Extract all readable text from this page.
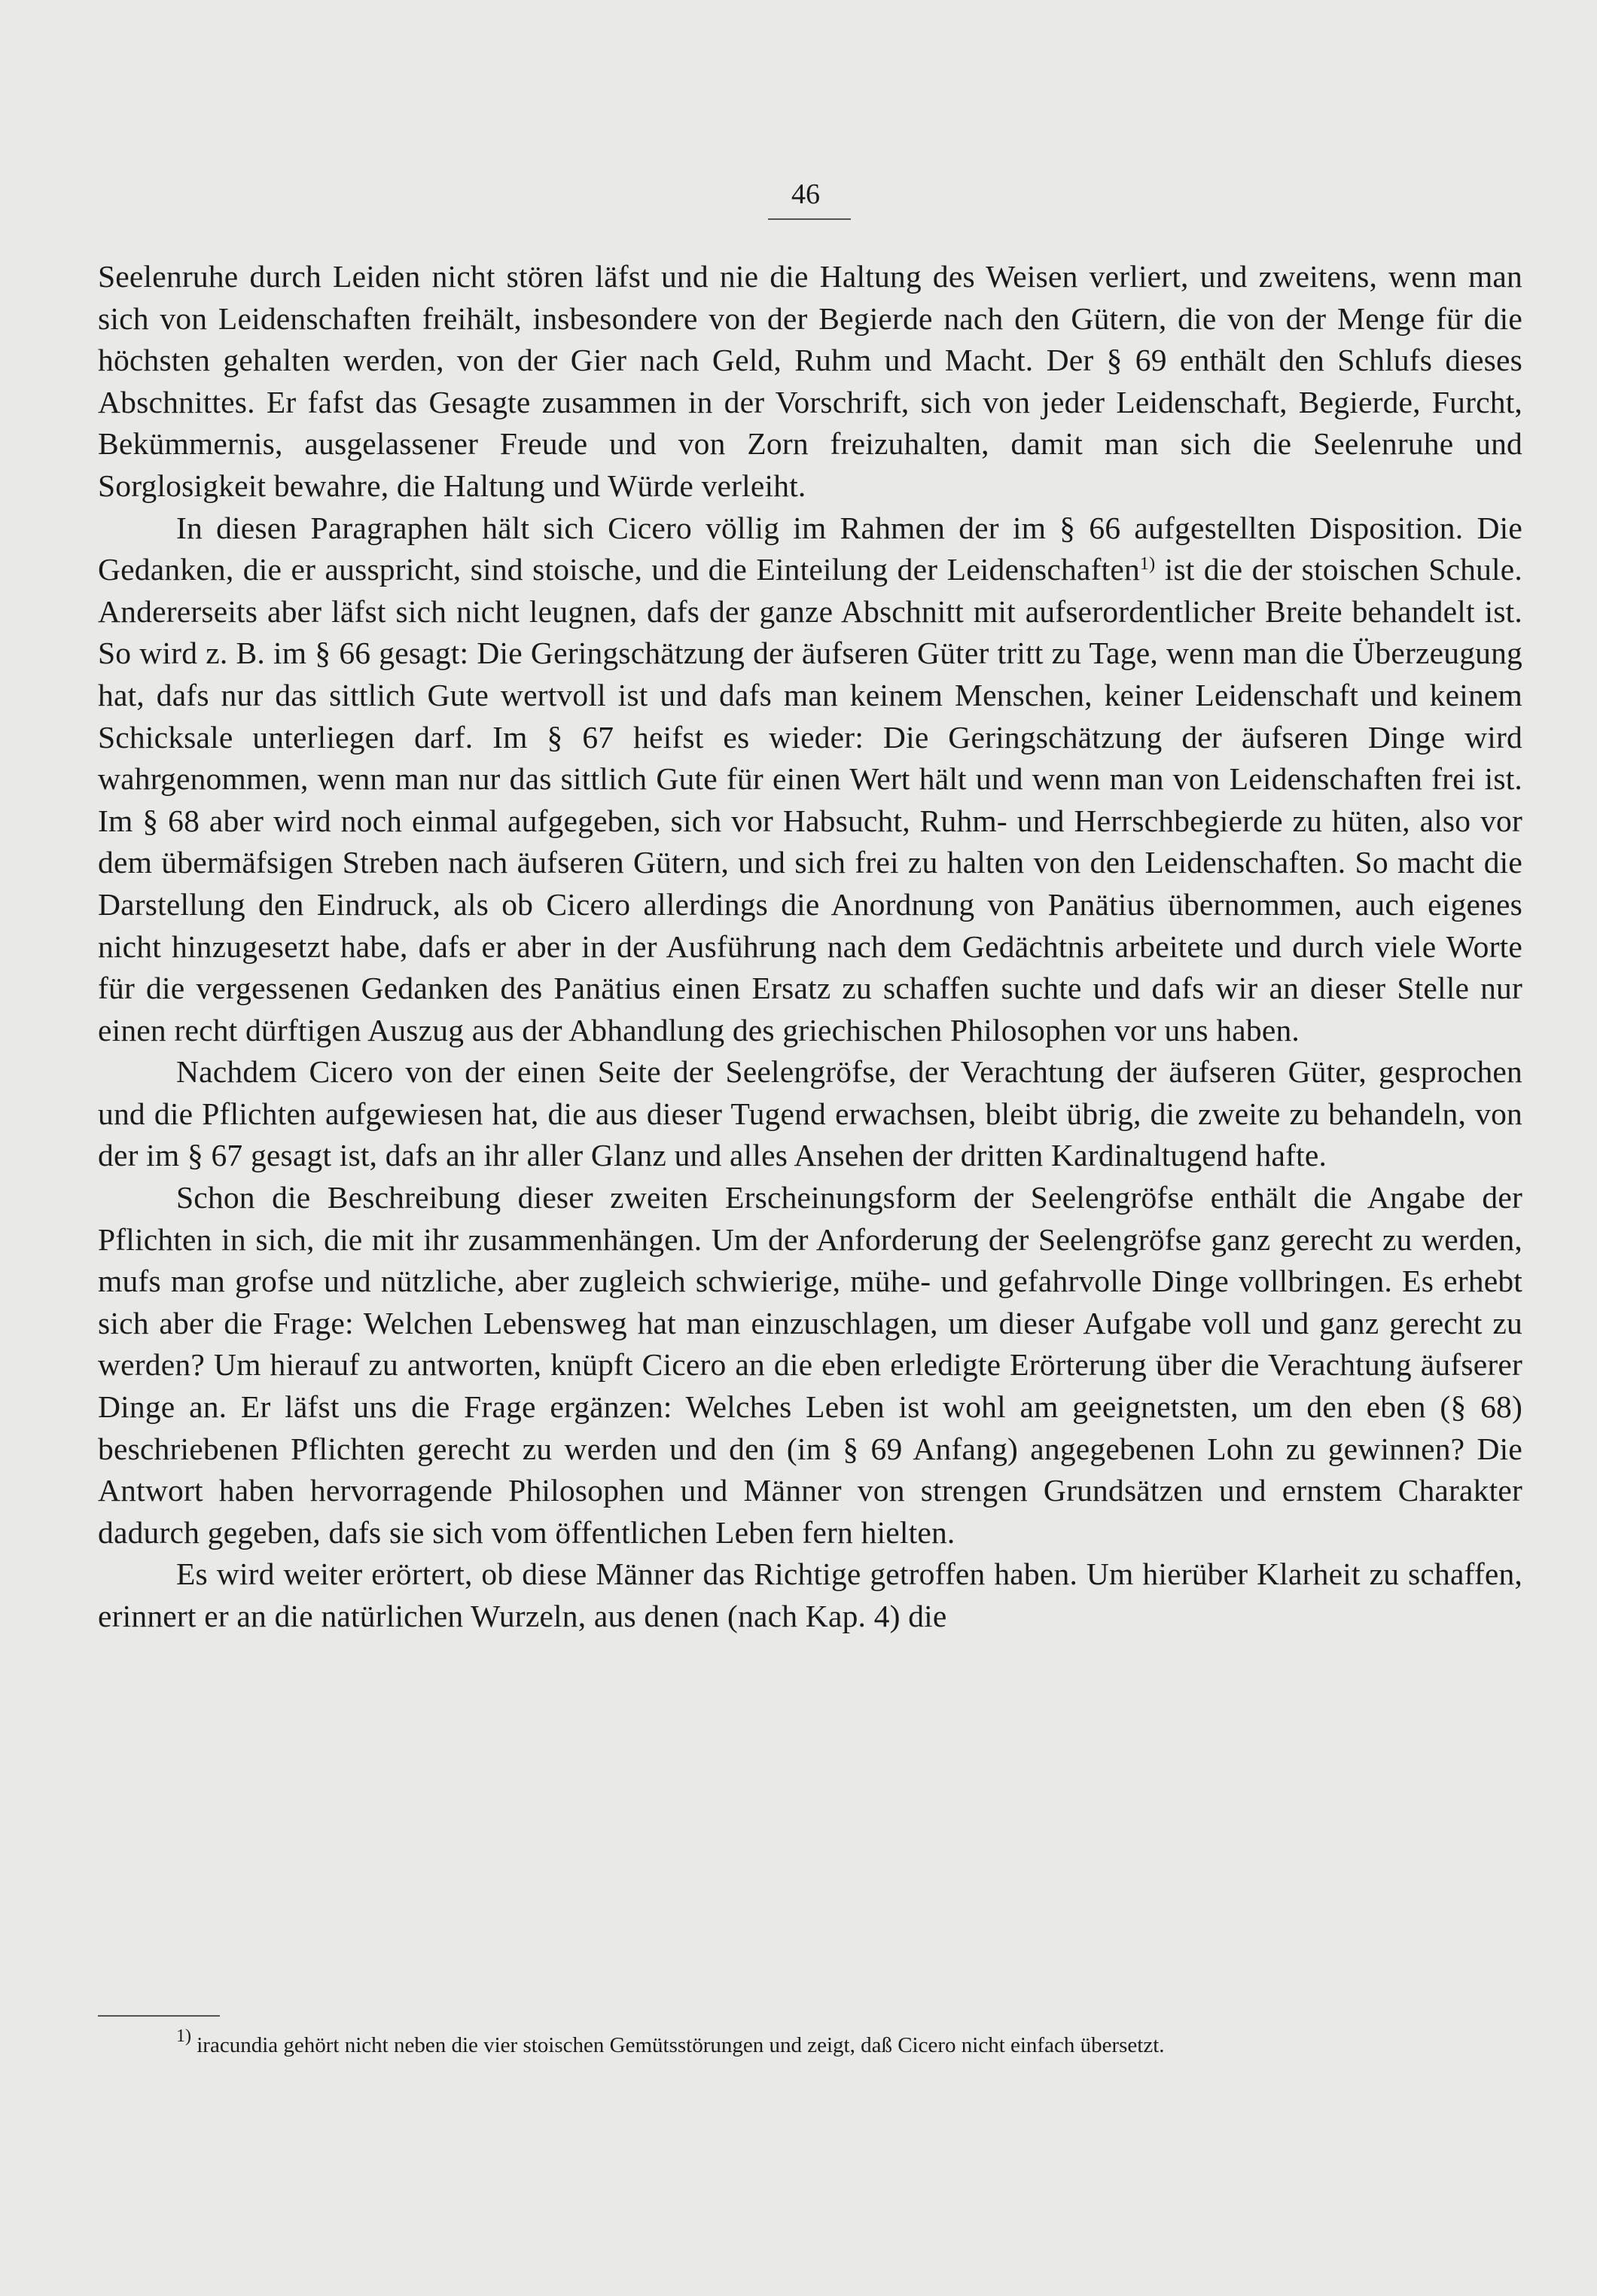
46

Seelenruhe durch Leiden nicht stören läfst und nie die Haltung des Weisen verliert, und zweitens, wenn man sich von Leidenschaften freihält, insbesondere von der Begierde nach den Gütern, die von der Menge für die höchsten gehalten werden, von der Gier nach Geld, Ruhm und Macht. Der § 69 enthält den Schlufs dieses Abschnittes. Er fafst das Gesagte zusammen in der Vorschrift, sich von jeder Leidenschaft, Begierde, Furcht, Bekümmernis, ausgelassener Freude und von Zorn freizuhalten, damit man sich die Seelenruhe und Sorglosigkeit bewahre, die Haltung und Würde verleiht.

In diesen Paragraphen hält sich Cicero völlig im Rahmen der im § 66 aufgestellten Disposition. Die Gedanken, die er ausspricht, sind stoische, und die Einteilung der Leidenschaften$^{1)}$ ist die der stoischen Schule. Andererseits aber läfst sich nicht leugnen, dafs der ganze Abschnitt mit aufserordentlicher Breite behandelt ist. So wird z. B. im § 66 gesagt: Die Geringschätzung der äufseren Güter tritt zu Tage, wenn man die Überzeugung hat, dafs nur das sittlich Gute wertvoll ist und dafs man keinem Menschen, keiner Leidenschaft und keinem Schicksale unterliegen darf. Im § 67 heifst es wieder: Die Geringschätzung der äufseren Dinge wird wahrgenommen, wenn man nur das sittlich Gute für einen Wert hält und wenn man von Leidenschaften frei ist. Im § 68 aber wird noch einmal aufgegeben, sich vor Habsucht, Ruhm- und Herrschbegierde zu hüten, also vor dem übermäfsigen Streben nach äufseren Gütern, und sich frei zu halten von den Leidenschaften. So macht die Darstellung den Eindruck, als ob Cicero allerdings die Anordnung von Panätius übernommen, auch eigenes nicht hinzugesetzt habe, dafs er aber in der Ausführung nach dem Gedächtnis arbeitete und durch viele Worte für die vergessenen Gedanken des Panätius einen Ersatz zu schaffen suchte und dafs wir an dieser Stelle nur einen recht dürftigen Auszug aus der Abhandlung des griechischen Philosophen vor uns haben.

Nachdem Cicero von der einen Seite der Seelengröfse, der Verachtung der äufseren Güter, gesprochen und die Pflichten aufgewiesen hat, die aus dieser Tugend erwachsen, bleibt übrig, die zweite zu behandeln, von der im § 67 gesagt ist, dafs an ihr aller Glanz und alles Ansehen der dritten Kardinaltugend hafte.

Schon die Beschreibung dieser zweiten Erscheinungsform der Seelengröfse enthält die Angabe der Pflichten in sich, die mit ihr zusammenhängen. Um der Anforderung der Seelengröfse ganz gerecht zu werden, mufs man grofse und nützliche, aber zugleich schwierige, mühe- und gefahrvolle Dinge vollbringen. Es erhebt sich aber die Frage: Welchen Lebensweg hat man einzuschlagen, um dieser Aufgabe voll und ganz gerecht zu werden? Um hierauf zu antworten, knüpft Cicero an die eben erledigte Erörterung über die Verachtung äufserer Dinge an. Er läfst uns die Frage ergänzen: Welches Leben ist wohl am geeignetsten, um den eben (§ 68) beschriebenen Pflichten gerecht zu werden und den (im § 69 Anfang) angegebenen Lohn zu gewinnen? Die Antwort haben hervorragende Philosophen und Männer von strengen Grundsätzen und ernstem Charakter dadurch gegeben, dafs sie sich vom öffentlichen Leben fern hielten.

Es wird weiter erörtert, ob diese Männer das Richtige getroffen haben. Um hierüber Klarheit zu schaffen, erinnert er an die natürlichen Wurzeln, aus denen (nach Kap. 4) die

$^{1)}$ iracundia gehört nicht neben die vier stoischen Gemütsstörungen und zeigt, daß Cicero nicht einfach übersetzt.
